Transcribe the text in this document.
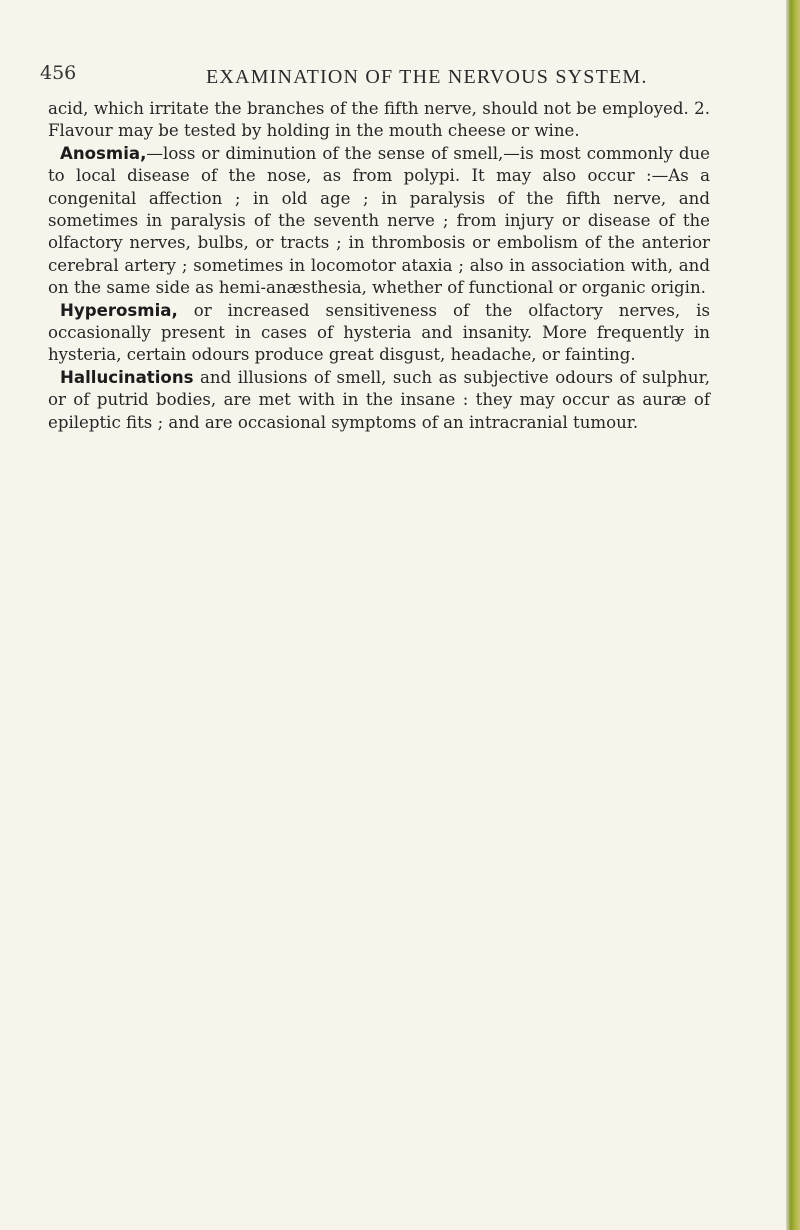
456	EXAMINATION OF THE NERVOUS SYSTEM.

acid, which irritate the branches of the fifth nerve, should not be employed. 2. Flavour may be tested by holding in the mouth cheese or wine.

Anosmia,—loss or diminution of the sense of smell,—is most commonly due to local disease of the nose, as from polypi. It may also occur :—As a congenital affection ; in old age ; in paralysis of the fifth nerve, and sometimes in paralysis of the seventh nerve ; from injury or disease of the olfactory nerves, bulbs, or tracts ; in thrombosis or embolism of the anterior cerebral artery ; sometimes in locomotor ataxia ; also in association with, and on the same side as hemi-anæsthesia, whether of functional or organic origin.

Hyperosmia, or increased sensitiveness of the olfactory nerves, is occasionally present in cases of hysteria and insanity. More frequently in hysteria, certain odours produce great disgust, headache, or fainting.

Hallucinations and illusions of smell, such as subjective odours of sulphur, or of putrid bodies, are met with in the insane : they may occur as auræ of epileptic fits ; and are occasional symptoms of an intracranial tumour.
